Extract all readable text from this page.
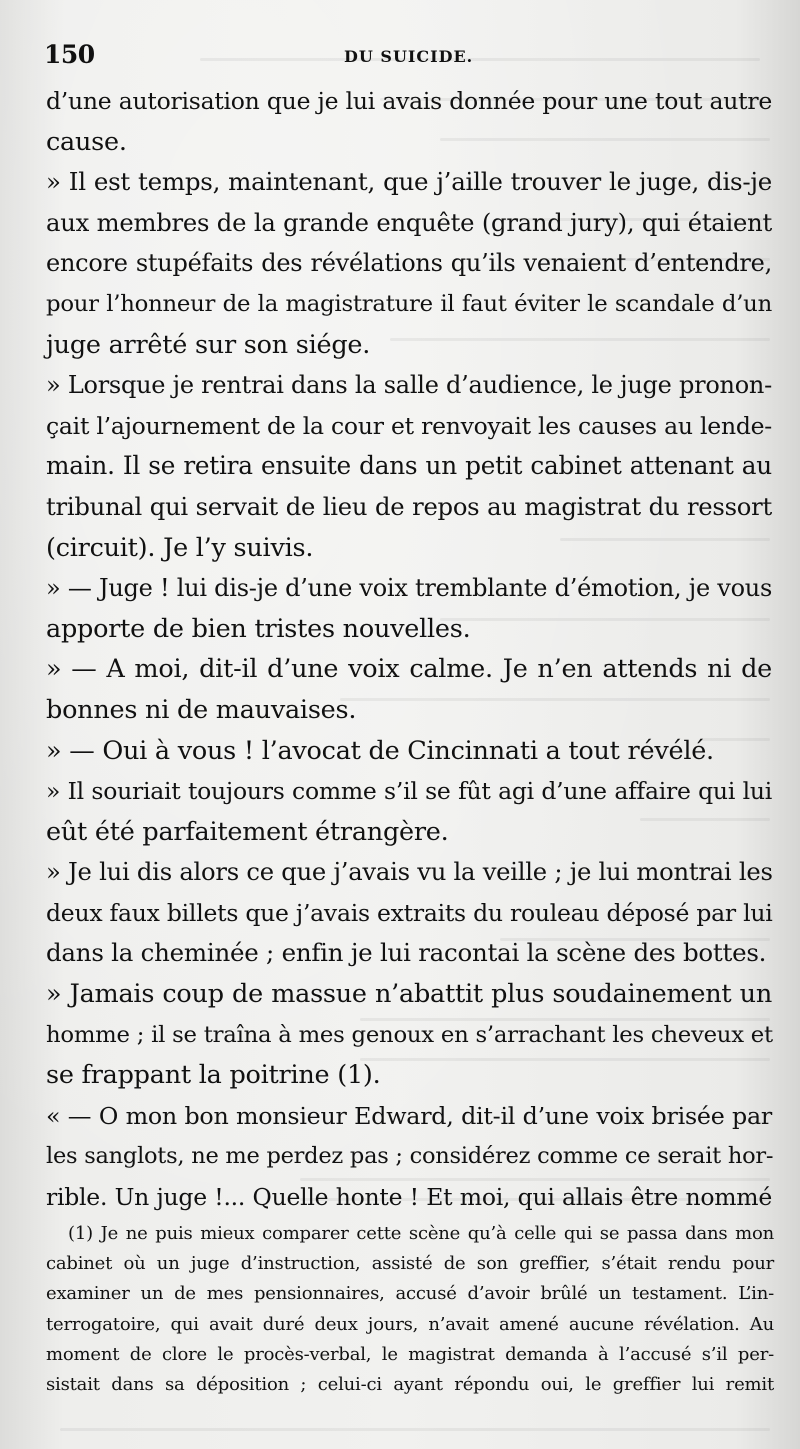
150	DU SUICIDE.
d’une autorisation que je lui avais donnée pour une tout autre
cause.
» Il est temps, maintenant, que j’aille trouver le juge, dis-je
aux membres de la grande enquête (grand jury), qui étaient
encore stupéfaits des révélations qu’ils venaient d’entendre,
pour l’honneur de la magistrature il faut éviter le scandale d’un
juge arrêté sur son siége.
» Lorsque je rentrai dans la salle d’audience, le juge pronon-
çait l’ajournement de la cour et renvoyait les causes au lende-
main. Il se retira ensuite dans un petit cabinet attenant au
tribunal qui servait de lieu de repos au magistrat du ressort
(circuit). Je l’y suivis.
» — Juge ! lui dis-je d’une voix tremblante d’émotion, je vous
apporte de bien tristes nouvelles.
» — A moi, dit-il d’une voix calme. Je n’en attends ni de
bonnes ni de mauvaises.
» — Oui à vous ! l’avocat de Cincinnati a tout révélé.
» Il souriait toujours comme s’il se fût agi d’une affaire qui lui
eût été parfaitement étrangère.
» Je lui dis alors ce que j’avais vu la veille ; je lui montrai les
deux faux billets que j’avais extraits du rouleau déposé par lui
dans la cheminée ; enfin je lui racontai la scène des bottes.
» Jamais coup de massue n’abattit plus soudainement un
homme ; il se traîna à mes genoux en s’arrachant les cheveux et
se frappant la poitrine (1).
« — O mon bon monsieur Edward, dit-il d’une voix brisée par
les sanglots, ne me perdez pas ; considérez comme ce serait hor-
rible. Un juge !... Quelle honte ! Et moi, qui allais être nommé
(1) Je ne puis mieux comparer cette scène qu’à celle qui se passa dans mon
cabinet où un juge d’instruction, assisté de son greffier, s’était rendu pour
examiner un de mes pensionnaires, accusé d’avoir brûlé un testament. L’in-
terrogatoire, qui avait duré deux jours, n’avait amené aucune révélation. Au
moment de clore le procès-verbal, le magistrat demanda à l’accusé s’il per-
sistait dans sa déposition ; celui-ci ayant répondu oui, le greffier lui remit
